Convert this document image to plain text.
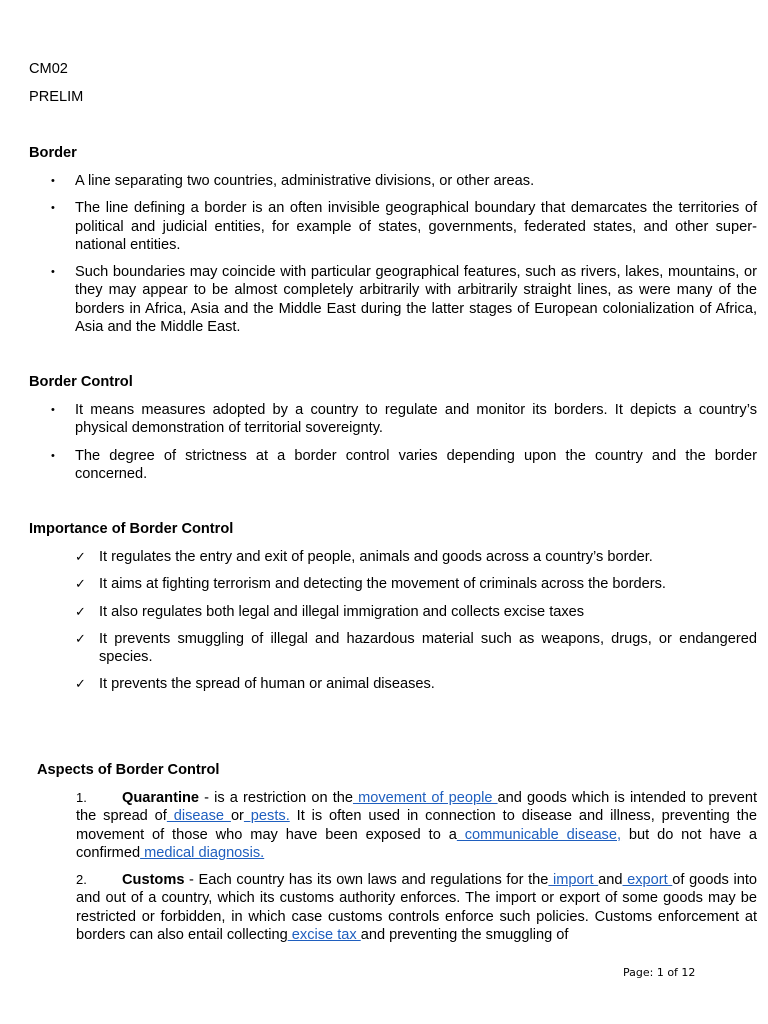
CM02
PRELIM
Border
• A line separating two countries, administrative divisions, or other areas.
• The line defining a border is an often invisible geographical boundary that demarcates the territories of political and judicial entities, for example of states, governments, federated states, and other super-national entities.
• Such boundaries may coincide with particular geographical features, such as rivers, lakes, mountains, or they may appear to be almost completely arbitrarily with arbitrarily straight lines, as were many of the borders in Africa, Asia and the Middle East during the latter stages of European colonialization of Africa, Asia and the Middle East.
Border Control
• It means measures adopted by a country to regulate and monitor its borders. It depicts a country’s physical demonstration of territorial sovereignty.
• The degree of strictness at a border control varies depending upon the country and the border concerned.
Importance of Border Control
✓ It regulates the entry and exit of people, animals and goods across a country’s border.
✓ It aims at fighting terrorism and detecting the movement of criminals across the borders.
✓ It also regulates both legal and illegal immigration and collects excise taxes
✓ It prevents smuggling of illegal and hazardous material such as weapons, drugs, or endangered species.
✓ It prevents the spread of human or animal diseases.
Aspects of Border Control
1. Quarantine - is a restriction on the movement of people and goods which is intended to prevent the spread of disease or pests. It is often used in connection to disease and illness, preventing the movement of those who may have been exposed to a communicable disease, but do not have a confirmed medical diagnosis.
2. Customs - Each country has its own laws and regulations for the import and export of goods into and out of a country, which its customs authority enforces. The import or export of some goods may be restricted or forbidden, in which case customs controls enforce such policies. Customs enforcement at borders can also entail collecting excise tax and preventing the smuggling of
Page: 1 of 12
